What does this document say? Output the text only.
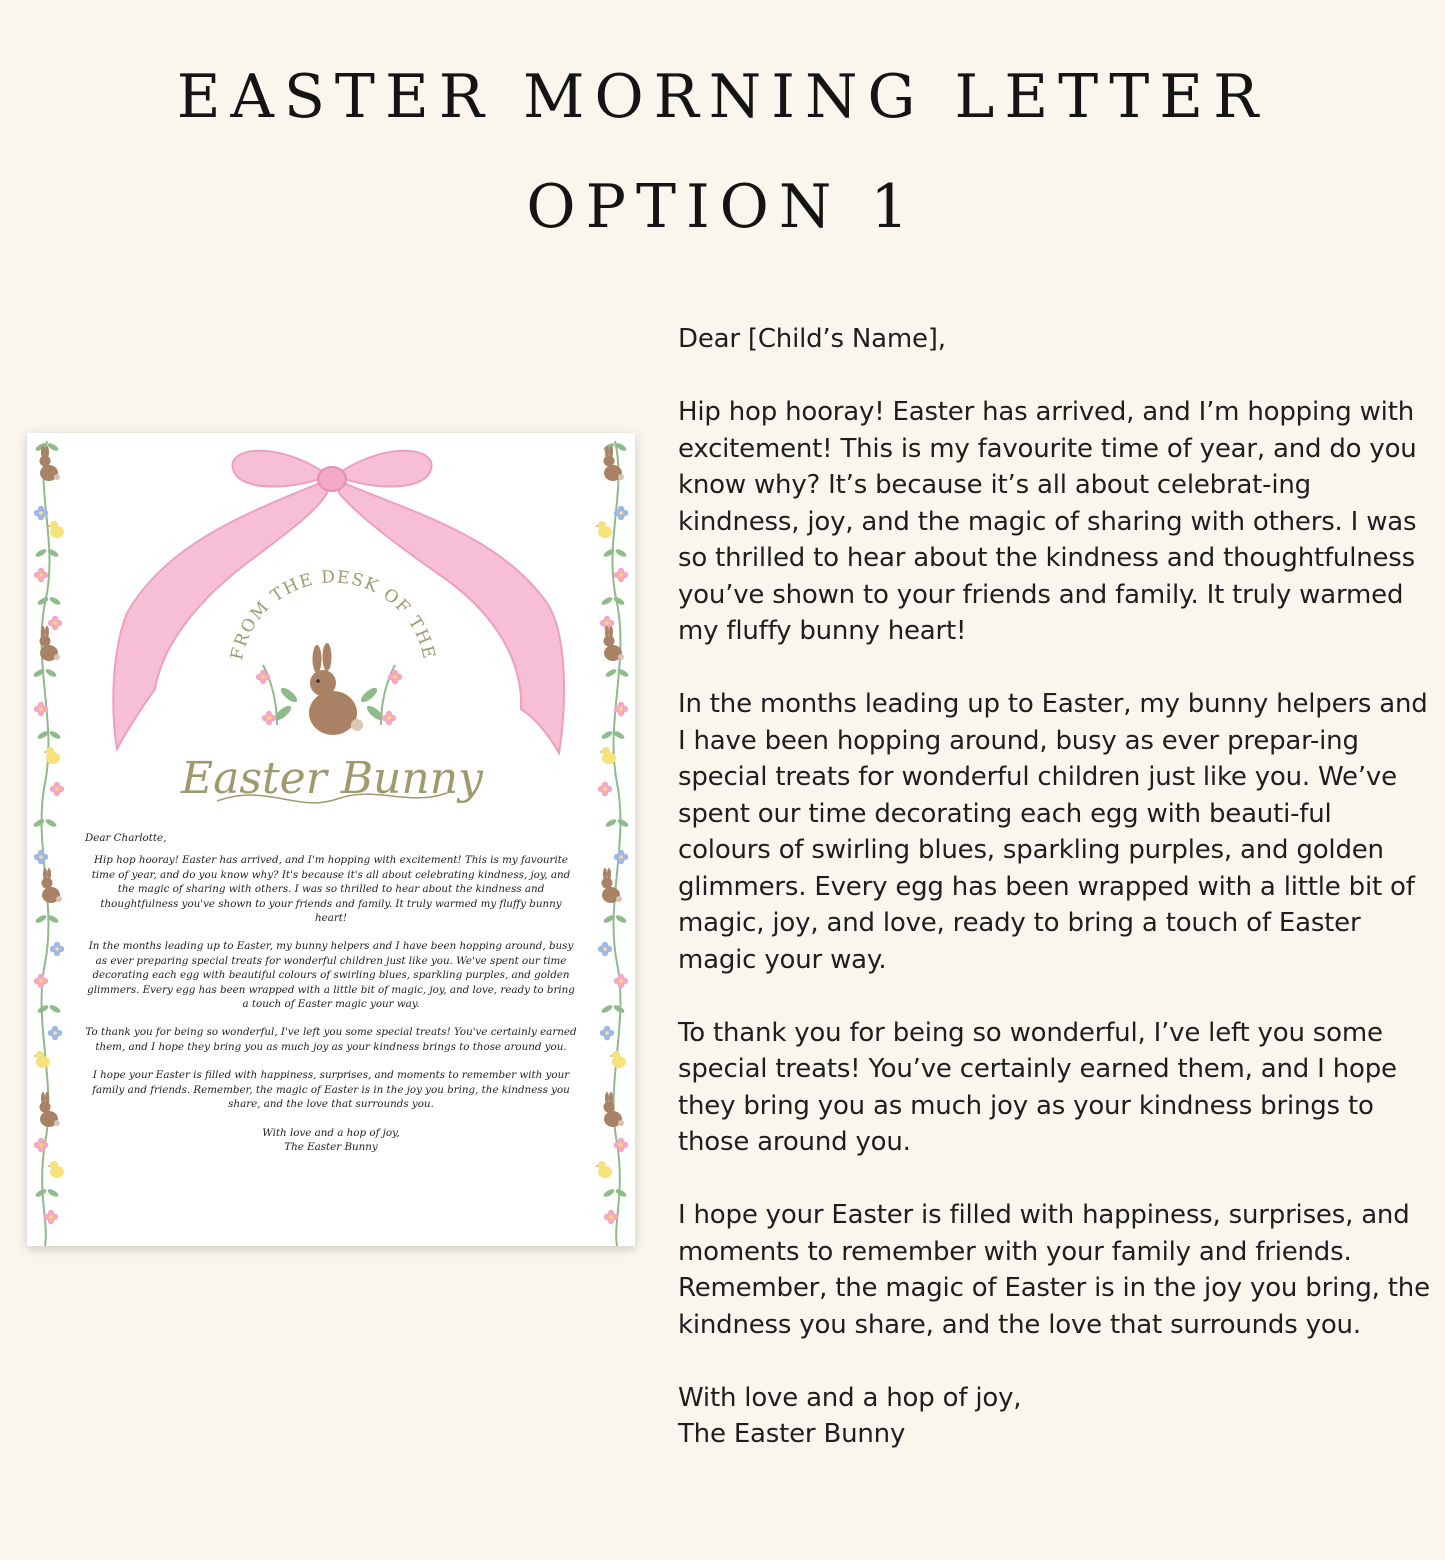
EASTER MORNING LETTER
OPTION 1
FROM THE DESK OF THE
Easter Bunny

Dear Charlotte,

Hip hop hooray! Easter has arrived, and I'm hopping with excitement! This is my favourite time of year, and do you know why? It's because it's all about celebrating kindness, joy, and the magic of sharing with others. I was so thrilled to hear about the kindness and thoughtfulness you've shown to your friends and family. It truly warmed my fluffy bunny heart!

In the months leading up to Easter, my bunny helpers and I have been hopping around, busy as ever preparing special treats for wonderful children just like you. We've spent our time decorating each egg with beautiful colours of swirling blues, sparkling purples, and golden glimmers. Every egg has been wrapped with a little bit of magic, joy, and love, ready to bring a touch of Easter magic your way.

To thank you for being so wonderful, I've left you some special treats! You've certainly earned them, and I hope they bring you as much joy as your kindness brings to those around you.

I hope your Easter is filled with happiness, surprises, and moments to remember with your family and friends. Remember, the magic of Easter is in the joy you bring, the kindness you share, and the love that surrounds you.

With love and a hop of joy,

The Easter Bunny

Dear [Child’s Name],

Hip hop hooray! Easter has arrived, and I’m hopping with excitement! This is my favourite time of year, and do you know why? It’s because it’s all about celebrat-ing kindness, joy, and the magic of sharing with others. I was so thrilled to hear about the kindness and thoughtfulness you’ve shown to your friends and family. It truly warmed my fluffy bunny heart!

In the months leading up to Easter, my bunny helpers and I have been hopping around, busy as ever prepar-ing special treats for wonderful children just like you. We’ve spent our time decorating each egg with beauti-ful colours of swirling blues, sparkling purples, and golden glimmers. Every egg has been wrapped with a little bit of magic, joy, and love, ready to bring a touch of Easter magic your way.

To thank you for being so wonderful, I’ve left you some special treats! You’ve certainly earned them, and I hope they bring you as much joy as your kindness brings to those around you.

I hope your Easter is filled with happiness, surprises, and moments to remember with your family and friends. Remember, the magic of Easter is in the joy you bring, the kindness you share, and the love that surrounds you.

With love and a hop of joy,
The Easter Bunny
